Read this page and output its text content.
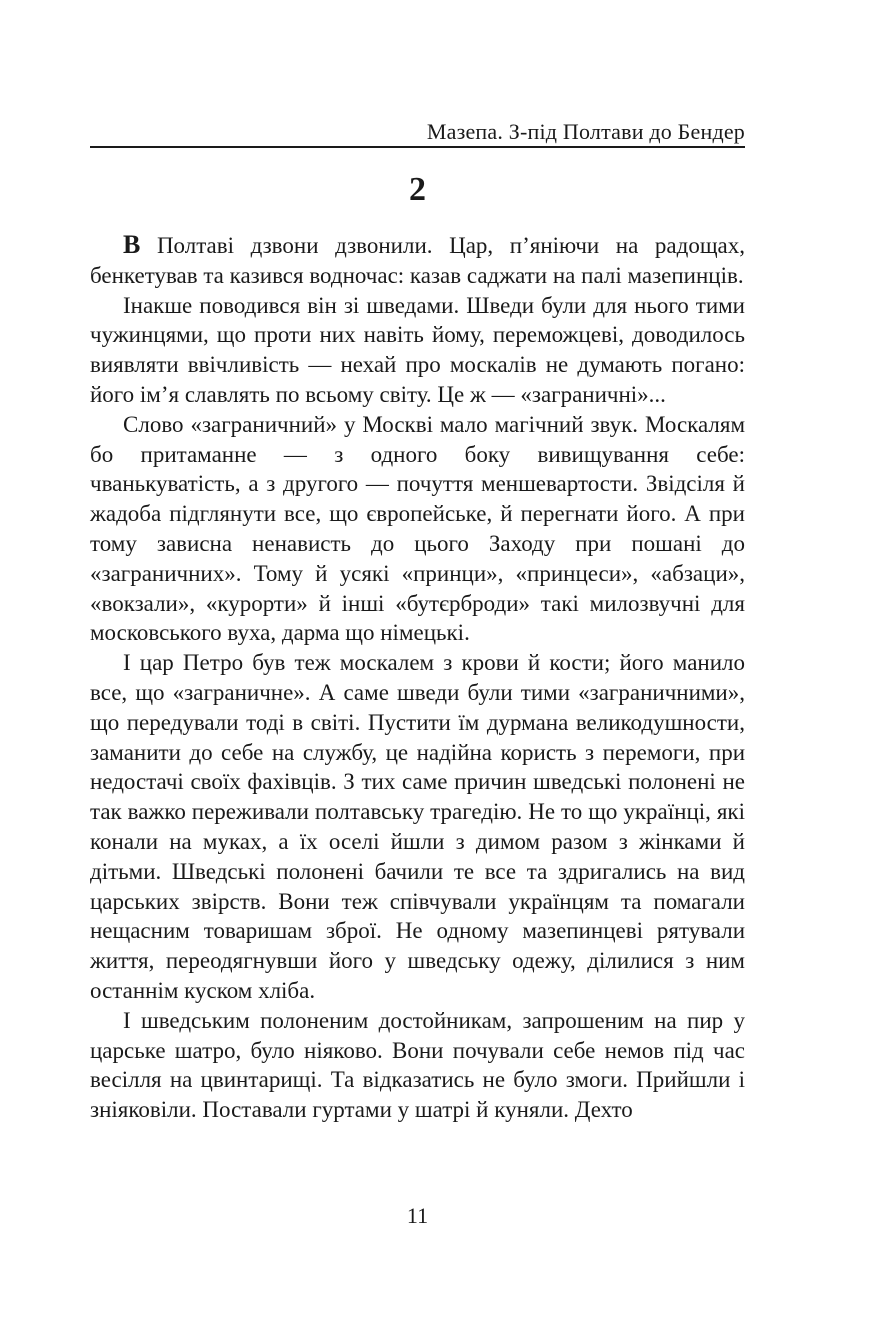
Мазепа. З-під Полтави до Бендер
2

В Полтаві дзвони дзвонили. Цар, п’яніючи на радощах, бенкетував та казився водночас: казав саджати на палі мазепинців.

Інакше поводився він зі шведами. Шведи були для нього тими чужинцями, що проти них навіть йому, переможцеві, доводилось виявляти ввічливість — нехай про москалів не думають погано: його ім’я славлять по всьому світу. Це ж — «заграничні»...

Слово «заграничний» у Москві мало магічний звук. Москалям бо притаманне — з одного боку вивищування себе: чванькуватість, а з другого — почуття меншевартости. Звідсіля й жадоба підглянути все, що європейське, й перегнати його. А при тому зависна ненависть до цього Заходу при пошані до «заграничних». Тому й усякі «принци», «принцеси», «абзаци», «вокзали», «курорти» й інші «бутєрброди» такі милозвучні для московського вуха, дарма що німецькі.

І цар Петро був теж москалем з крови й кости; його манило все, що «заграничне». А саме шведи були тими «заграничними», що передували тоді в світі. Пустити їм дурмана великодушности, заманити до себе на службу, це надійна користь з перемоги, при недостачі своїх фахівців. З тих саме причин шведські полонені не так важко переживали полтавську трагедію. Не то що українці, які конали на муках, а їх оселі йшли з димом разом з жінками й дітьми. Шведські полонені бачили те все та здригались на вид царських звірств. Вони теж співчували українцям та помагали нещасним товаришам зброї. Не одному мазепинцеві рятували життя, переодягнувши його у шведську одежу, ділилися з ним останнім куском хліба.

І шведським полоненим достойникам, запрошеним на пир у царське шатро, було ніяково. Вони почували себе немов під час весілля на цвинтарищі. Та відказатись не було змоги. Прийшли і зніяковіли. Поставали гуртами у шатрі й куняли. Дехто

11
